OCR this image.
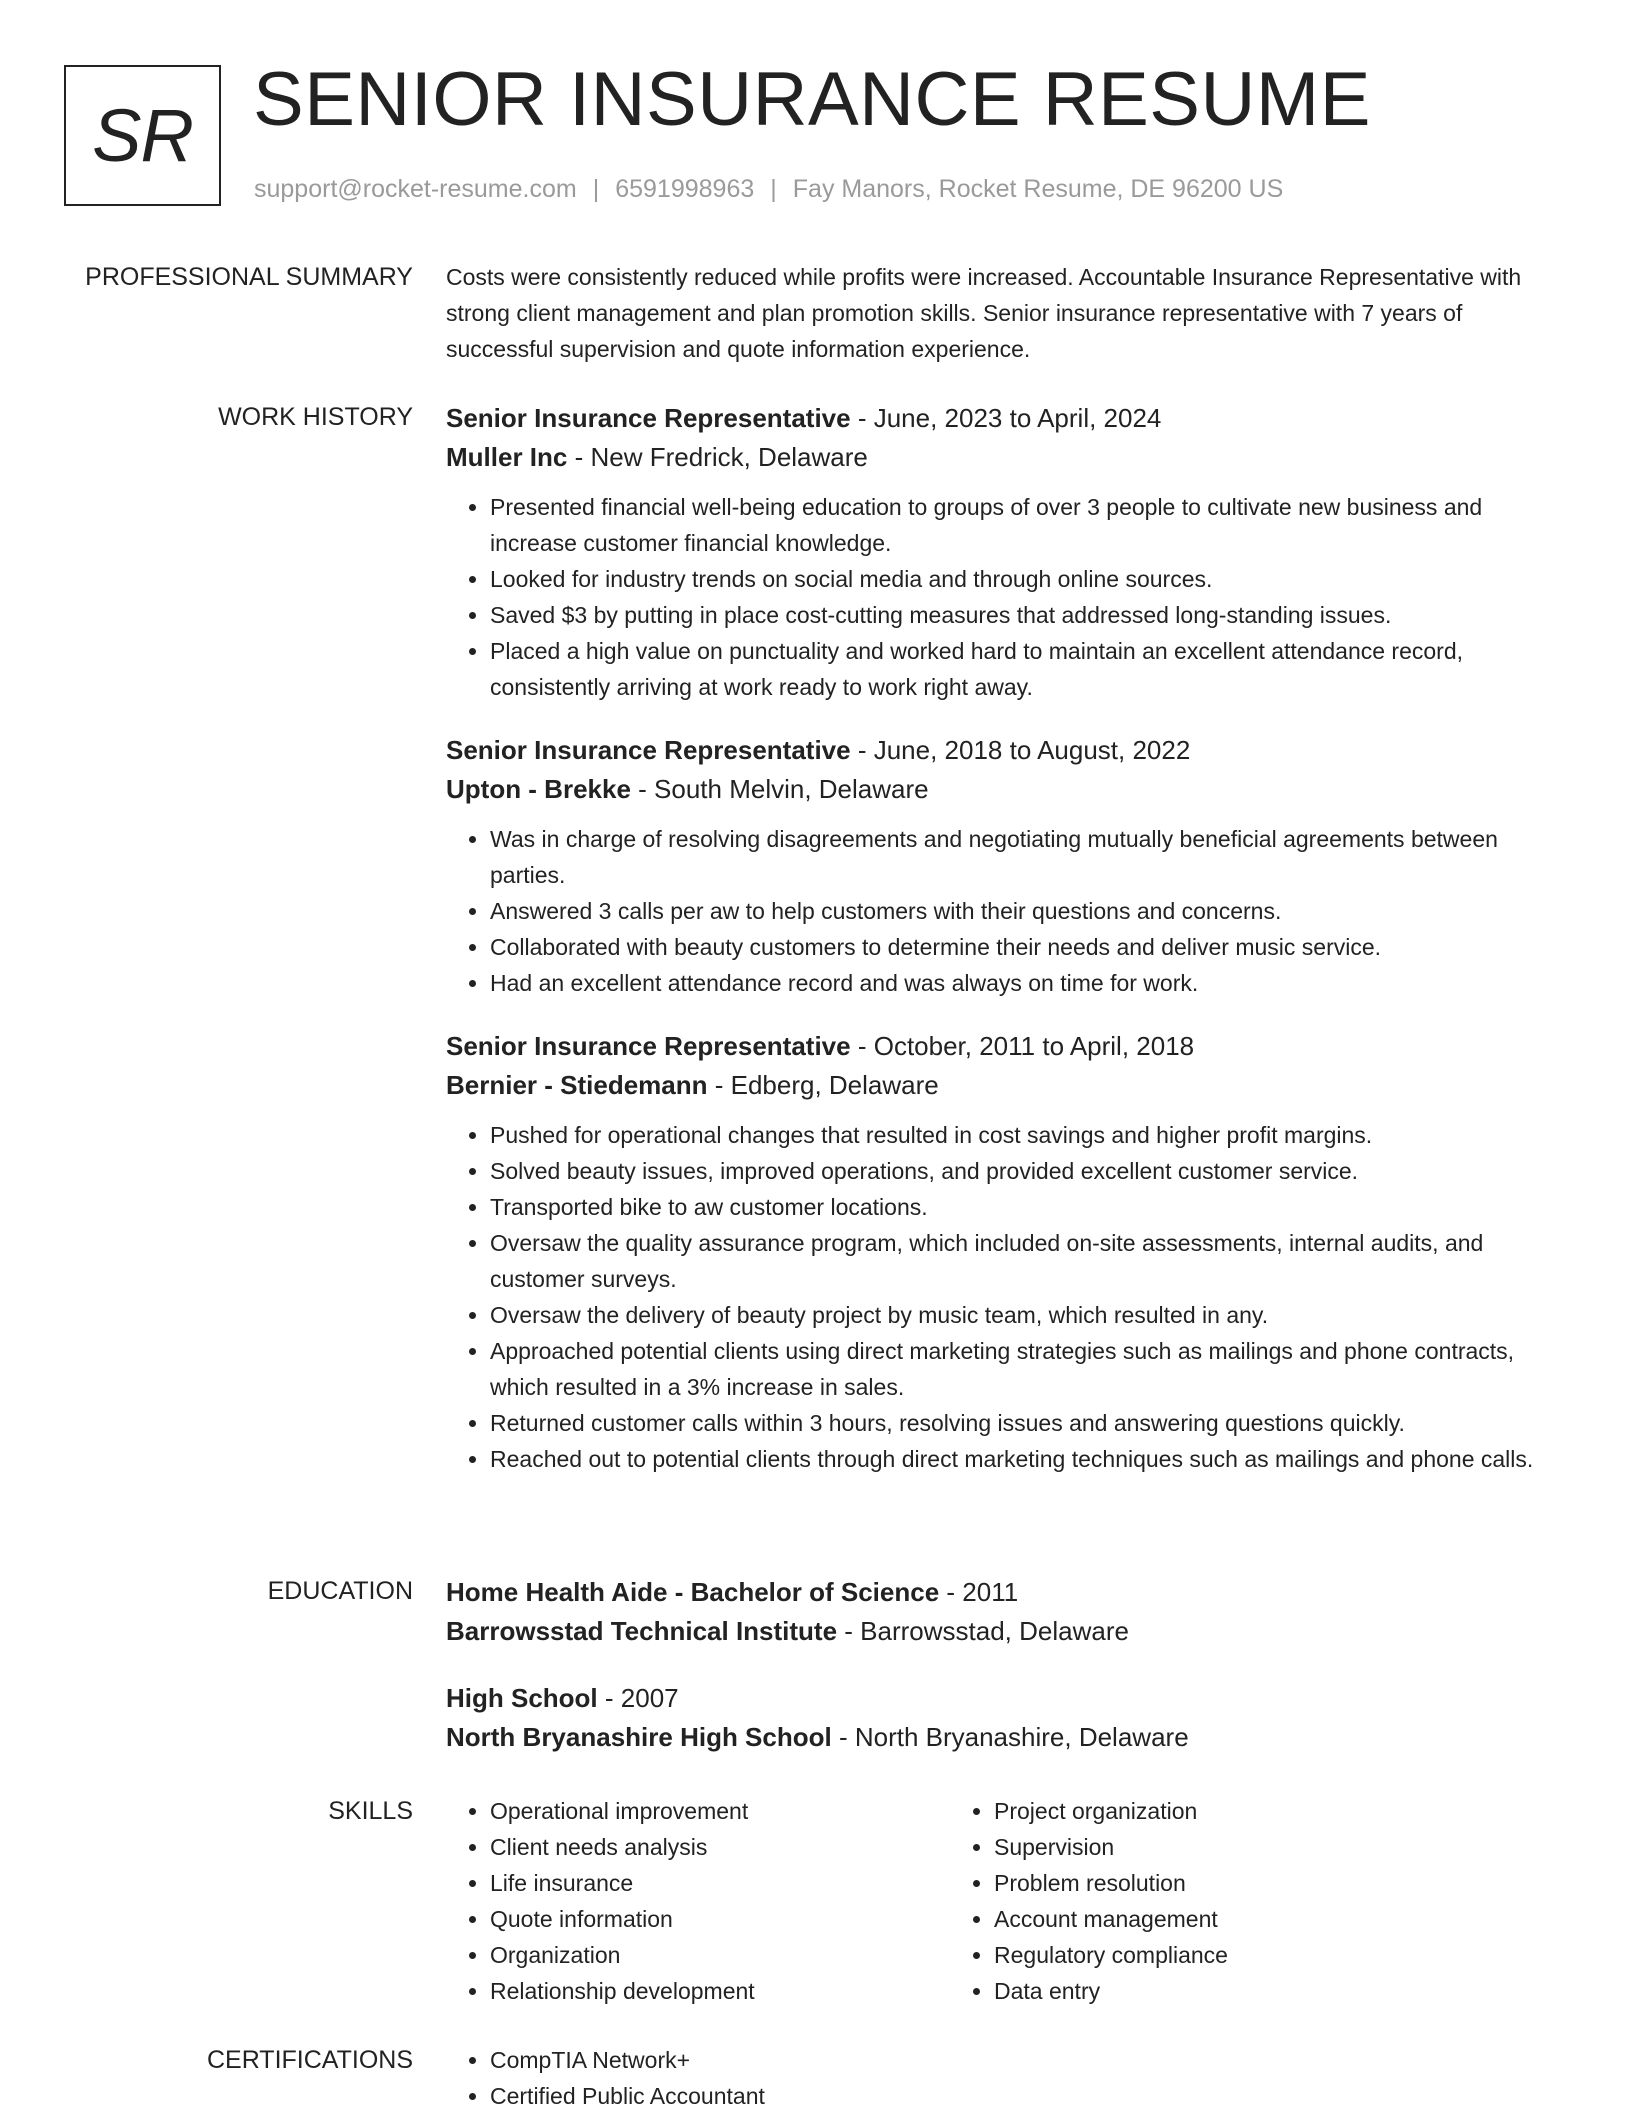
SR SENIOR INSURANCE RESUME
support@rocket-resume.com | 6591998963 | Fay Manors, Rocket Resume, DE 96200 US
PROFESSIONAL SUMMARY Costs were consistently reduced while profits were increased. Accountable Insurance Representative with strong client management and plan promotion skills. Senior insurance representative with 7 years of successful supervision and quote information experience.

WORK HISTORY Senior Insurance Representative - June, 2023 to April, 2024
Muller Inc - New Fredrick, Delaware
• Presented financial well-being education to groups of over 3 people to cultivate new business and increase customer financial knowledge.
• Looked for industry trends on social media and through online sources.
• Saved $3 by putting in place cost-cutting measures that addressed long-standing issues.
• Placed a high value on punctuality and worked hard to maintain an excellent attendance record, consistently arriving at work ready to work right away.
Senior Insurance Representative - June, 2018 to August, 2022
Upton - Brekke - South Melvin, Delaware
• Was in charge of resolving disagreements and negotiating mutually beneficial agreements between parties.
• Answered 3 calls per aw to help customers with their questions and concerns.
• Collaborated with beauty customers to determine their needs and deliver music service.
• Had an excellent attendance record and was always on time for work.
Senior Insurance Representative - October, 2011 to April, 2018
Bernier - Stiedemann - Edberg, Delaware
• Pushed for operational changes that resulted in cost savings and higher profit margins.
• Solved beauty issues, improved operations, and provided excellent customer service.
• Transported bike to aw customer locations.
• Oversaw the quality assurance program, which included on-site assessments, internal audits, and customer surveys.
• Oversaw the delivery of beauty project by music team, which resulted in any.
• Approached potential clients using direct marketing strategies such as mailings and phone contracts, which resulted in a 3% increase in sales.
• Returned customer calls within 3 hours, resolving issues and answering questions quickly.
• Reached out to potential clients through direct marketing techniques such as mailings and phone calls.
EDUCATION Home Health Aide - Bachelor of Science - 2011
Barrowsstad Technical Institute - Barrowsstad, Delaware
High School - 2007
North Bryanashire High School - North Bryanashire, Delaware
SKILLS	• Operational improvement
• Client needs analysis
• Life insurance
• Quote information
• Organization
• Relationship development
• Project organization
• Supervision
• Problem resolution
• Account management
• Regulatory compliance
• Data entry
CERTIFICATIONS	• CompTIA Network+
• Certified Public Accountant
